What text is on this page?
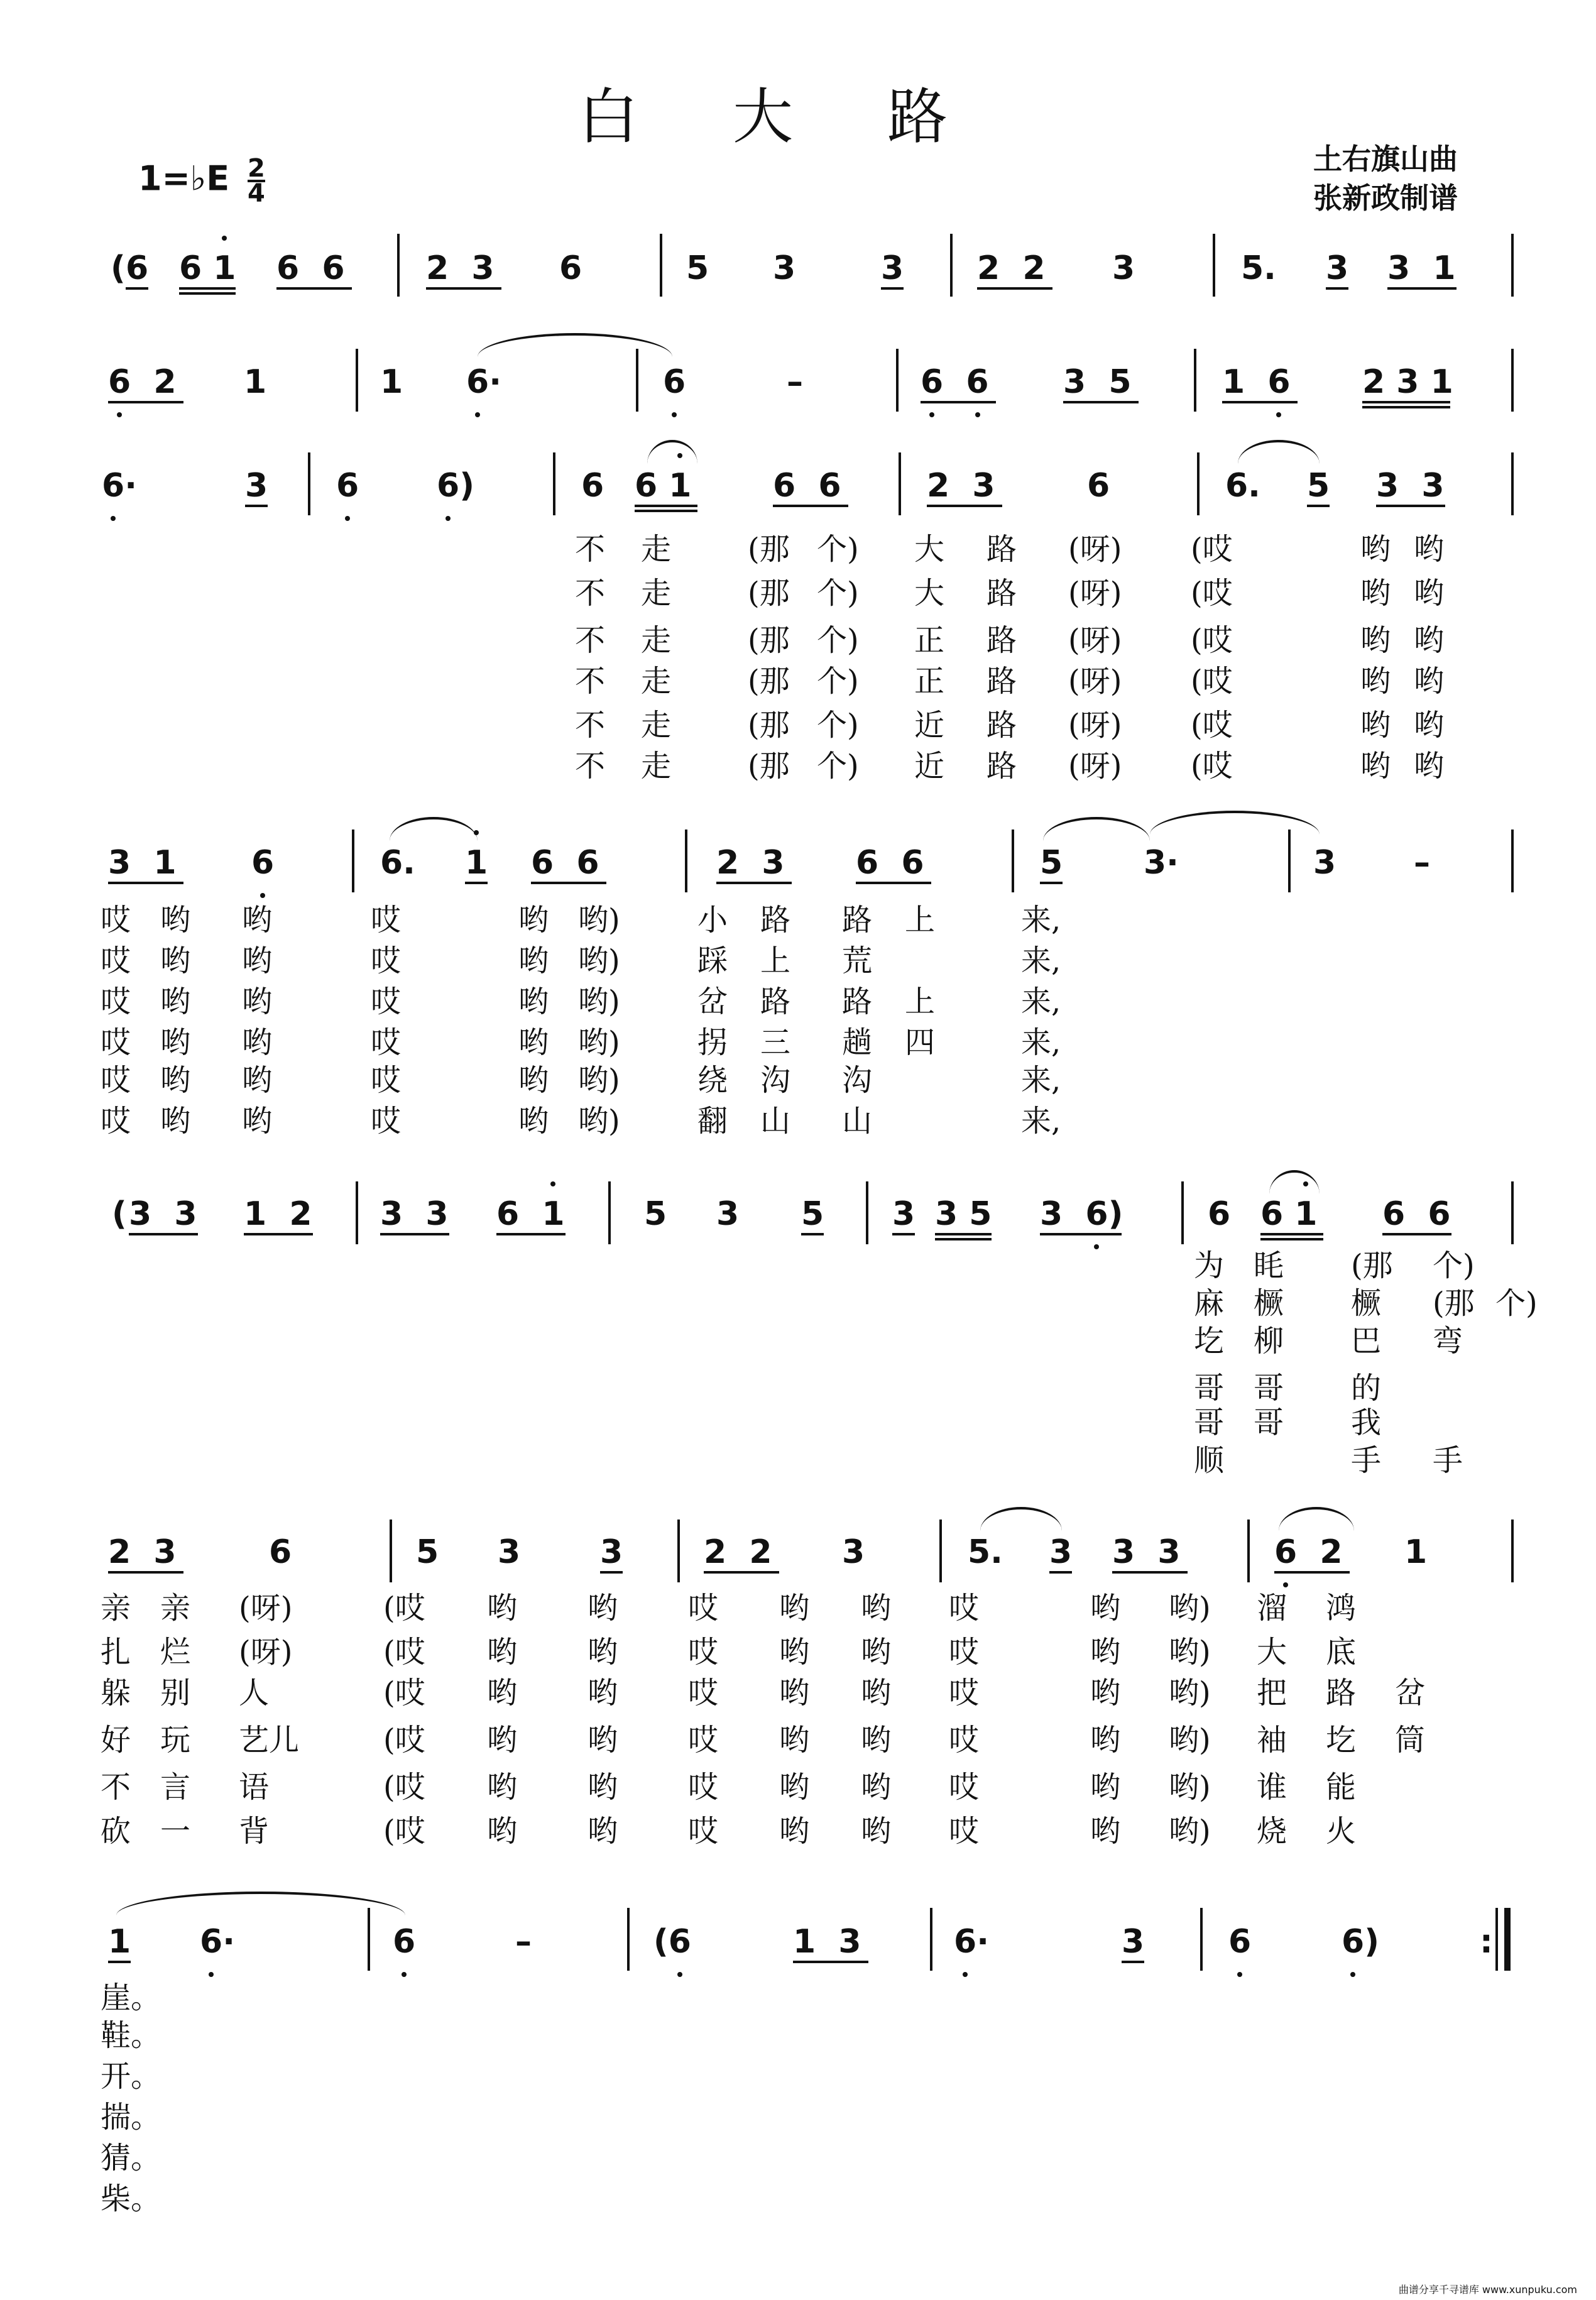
白大路
1=♭E $\frac{2}{4}$	土右旗山曲
张新政制谱
( 6 6 1 6  6 2  3 6	5 3	3 2  2 3	5. 3 3  1
6  2 1	1 6·	6	–	6 6 3  5	1  6 2 3 1
6·	3 6 6)	6 6 1 6  6	2  3	6	6. 5 3  3
不 走	(那 个) 大 路 (呀) (哎	哟 哟
不 走	(那 个) 大 路 (呀) (哎	哟 哟
不 走	(那 个) 正 路 (呀) (哎	哟 哟
不 走	(那 个) 正 路 (呀) (哎	哟 哟
不 走	(那 个) 近 路 (呀) (哎	哟 哟
不 走	(那 个) 近 路 (呀) (哎	哟 哟
3  1 6	6. 1 6  6	2  3 6  6	5 3·	3 –
哎 哟 哟	哎	哟 哟)	小 路 路 上	来,
哎 哟 哟	哎	哟 哟)	踩 上 荒	来,
哎 哟 哟	哎	哟 哟)	岔 路 路 上	来,
哎 哟 哟	哎	哟 哟)	拐 三 趟 四	来,
哎 哟 哟	哎	哟 哟)	绕 沟 沟	来,
哎 哟 哟	哎	哟 哟)	翻 山 山	来,
( 3  3 1  2 3  3 6  1 5 3 5 3 3 5 3  6)	6 6 1 6  6
为 眊 (那 个)
麻 橛 橛 (那 个)
圪 柳 巴 弯
哥 哥 的
哥 哥 我
顺	手 手
2  3	6	5 3 3 2  2 3	5. 3 3  3	6  2 1
亲 亲 (呀)	(哎 哟 哟 哎 哟 哟 哎	哟 哟) 溜 鸿
扎 烂 (呀)	(哎 哟 哟 哎 哟 哟 哎	哟 哟) 大 底
躲 别 人	(哎 哟 哟 哎 哟 哟 哎	哟 哟) 把 路 岔
好 玩 艺儿	(哎 哟 哟 哎 哟 哟 哎	哟 哟) 袖 圪 筒
不 言 语	(哎 哟 哟 哎 哟 哟 哎	哟 哟) 谁 能
砍 一 背	(哎 哟 哟 哎 哟 哟 哎	哟 哟) 烧 火
1 6·	6	–	(6	1  3	6·	3	6	6)	:
崖。
鞋。
开。
揣。
猜。
柴。
曲谱分享千寻谱库 www.xunpuku.com
